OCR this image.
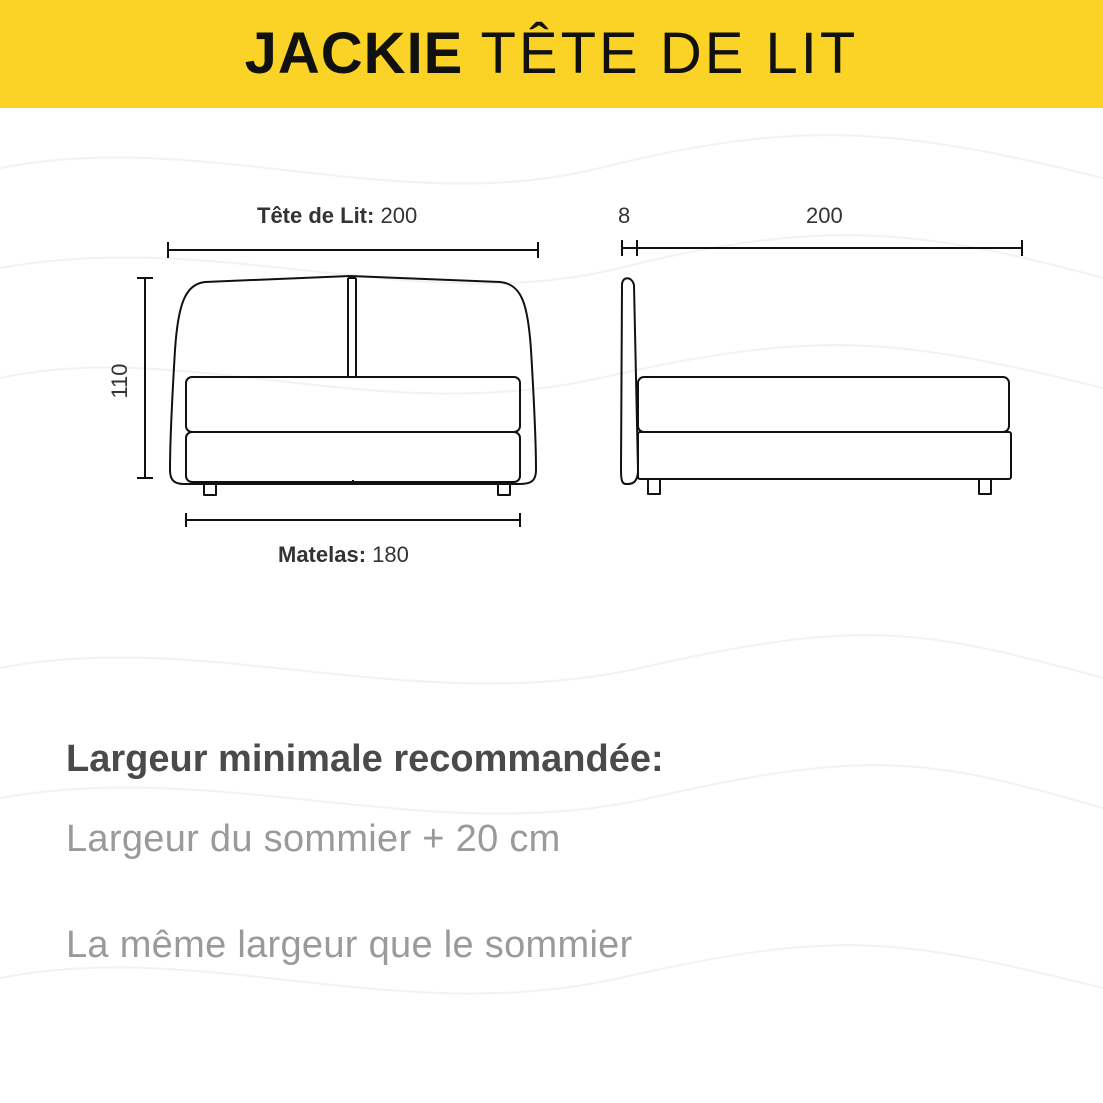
JACKIE TÊTE DE LIT
Tête de Lit: 200
110
Matelas: 180
8	200
Largeur minimale recommandée:
Largeur du sommier + 20 cm
La même largeur que le sommier
